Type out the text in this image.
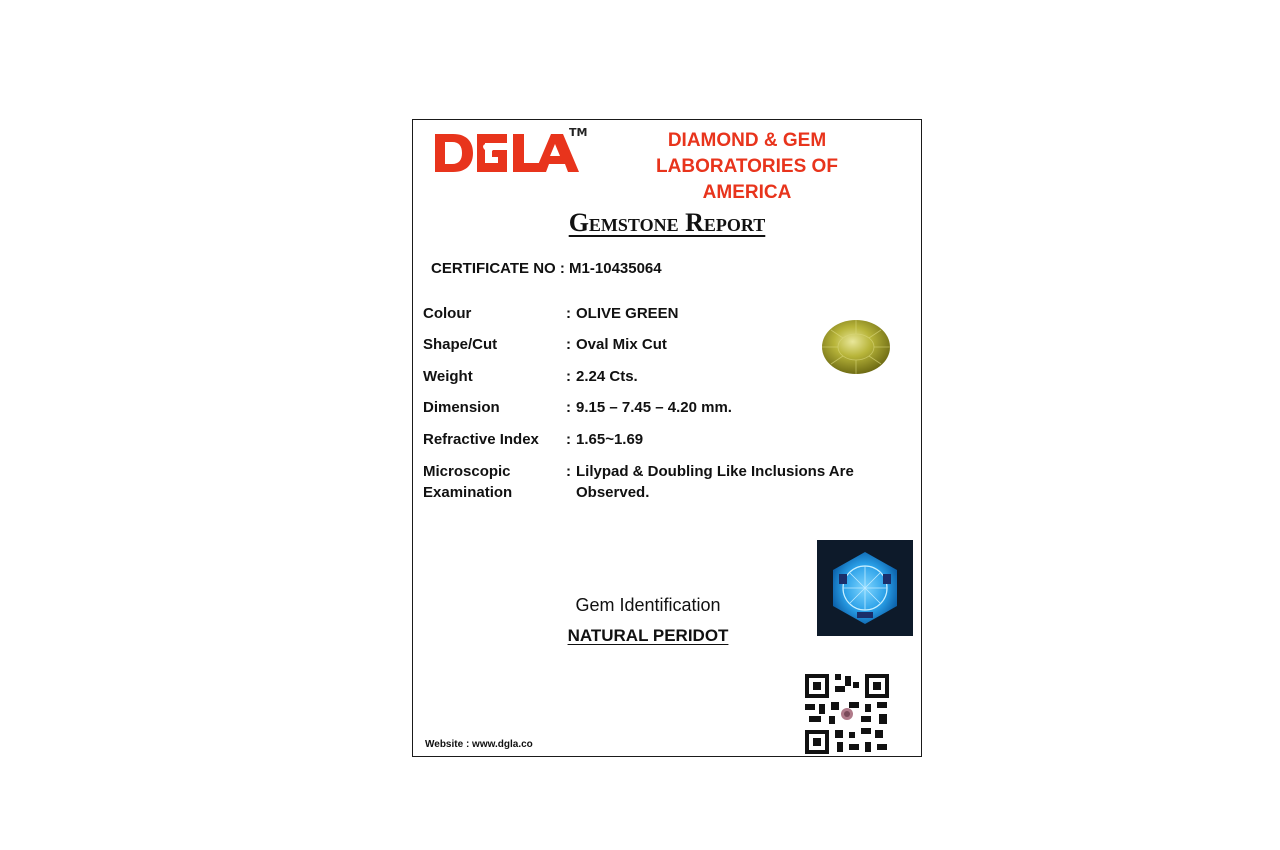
TM	DIAMOND & GEM
LABORATORIES OF AMERICA
Gemstone Report
CERTIFICATE NO : M1-10435064
Colour	: OLIVE GREEN
Shape/Cut	: Oval Mix Cut
Weight	: 2.24 Cts.
Dimension	: 9.15 – 7.45 – 4.20 mm.
Refractive Index	: 1.65~1.69
Microscopic Examination
: Lilypad & Doubling Like Inclusions Are Observed.
Gem Identification
NATURAL PERIDOT
Website : www.dgla.co
